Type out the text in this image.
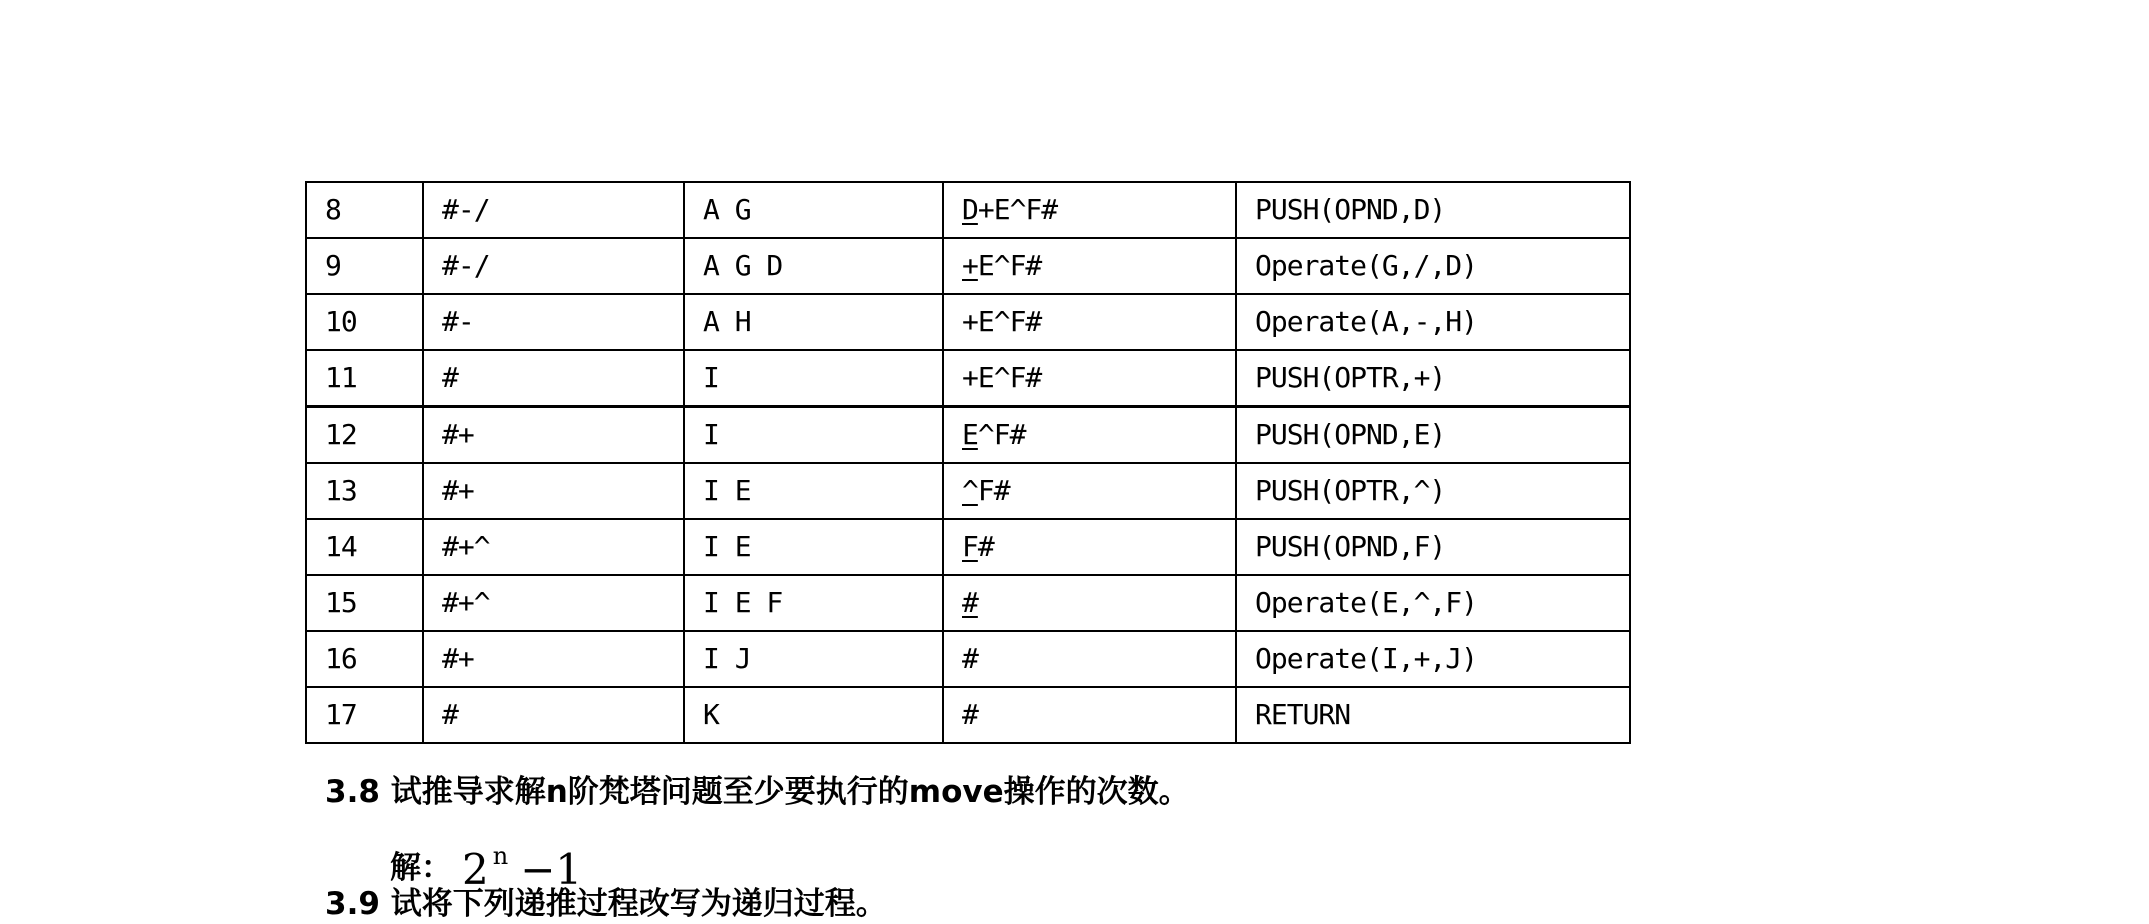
8	#-/	A G	D+E^F#	PUSH(OPND,D)
9	#-/	A G D	+E^F#	Operate(G,/,D)
10	#-	A H	+E^F#	Operate(A,-,H)
11	#	I	+E^F#	PUSH(OPTR,+)
12	#+	I	E^F#	PUSH(OPND,E)
13	#+	I E	^F#	PUSH(OPTR,^)
14	#+^	I E	F#	PUSH(OPND,F)
15	#+^	I E F	#	Operate(E,^,F)
16	#+	I J	#	Operate(I,+,J)
17	#	K	#	RETURN
3.8 试推导求解n阶梵塔问题至少要执行的move操作的次数。
解： 2 $^n$ −1
3.9 试将下列递推过程改写为递归过程。
